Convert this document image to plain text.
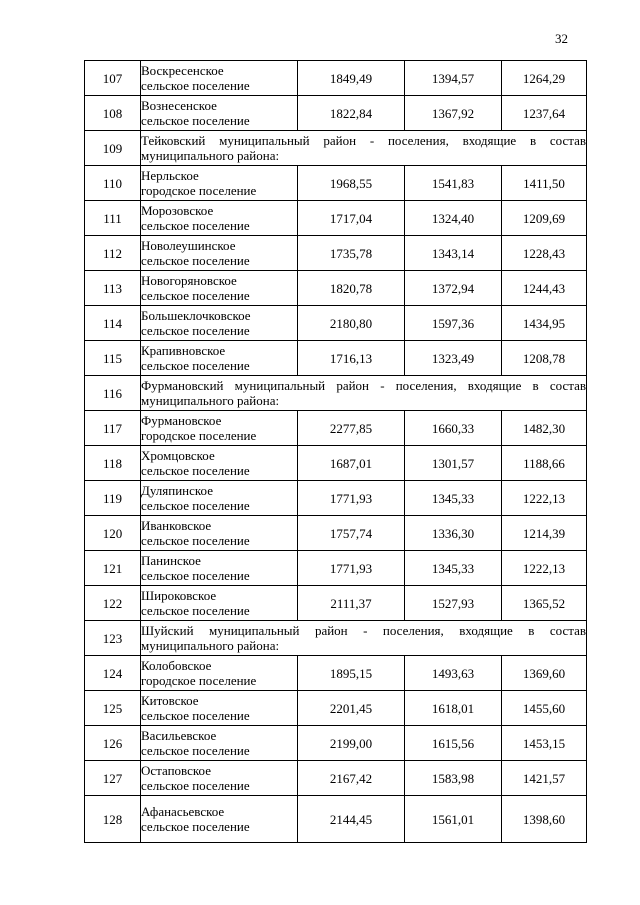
32
107	Воскресенское
сельское поселение	1849,49	1394,57	1264,29
108	Вознесенское
сельское поселение	1822,84	1367,92	1237,64
109	Тейковский муниципальный район - поселения, входящие в состав муниципального района:			
110	Нерльское
городское поселение	1968,55	1541,83	1411,50
111	Морозовское
сельское поселение	1717,04	1324,40	1209,69
112	Новолеушинское
сельское поселение	1735,78	1343,14	1228,43
113	Новогоряновское
сельское поселение	1820,78	1372,94	1244,43
114	Большеклочковское
сельское поселение	2180,80	1597,36	1434,95
115	Крапивновское
сельское поселение	1716,13	1323,49	1208,78
116	Фурмановский муниципальный район - поселения, входящие в состав муниципального района:			
117	Фурмановское
городское поселение	2277,85	1660,33	1482,30
118	Хромцовское
сельское поселение	1687,01	1301,57	1188,66
119	Дуляпинское
сельское поселение	1771,93	1345,33	1222,13
120	Иванковское
сельское поселение	1757,74	1336,30	1214,39
121	Панинское
сельское поселение	1771,93	1345,33	1222,13
122	Широковское
сельское поселение	2111,37	1527,93	1365,52
123	Шуйский муниципальный район - поселения, входящие в состав муниципального района:			
124	Колобовское
городское поселение	1895,15	1493,63	1369,60
125	Китовское
сельское поселение	2201,45	1618,01	1455,60
126	Васильевское
сельское поселение	2199,00	1615,56	1453,15
127	Остаповское
сельское поселение	2167,42	1583,98	1421,57
128	Афанасьевское
сельское поселение	2144,45	1561,01	1398,60
